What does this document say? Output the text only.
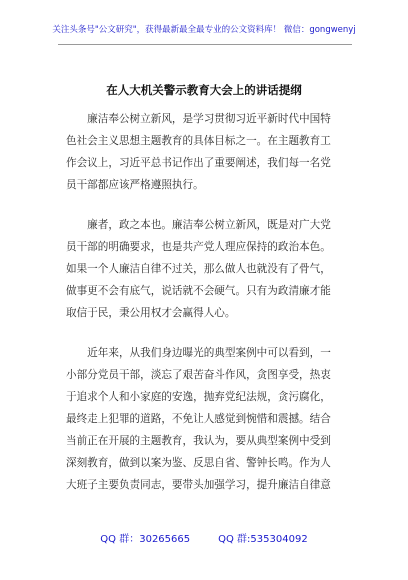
关注头条号"公文研究"，获得最新最全最专业的公文资料库！ 微信：gongwenyj
在人大机关警示教育大会上的讲话提纲
　　廉洁奉公树立新风，是学习贯彻习近平新时代中国特
色社会主义思想主题教育的具体目标之一。在主题教育工
作会议上，习近平总书记作出了重要阐述，我们每一名党
员干部都应该严格遵照执行。
　　廉者，政之本也。廉洁奉公树立新风，既是对广大党
员干部的明确要求，也是共产党人理应保持的政治本色。
如果一个人廉洁自律不过关，那么做人也就没有了骨气，
做事更不会有底气，说话就不会硬气。只有为政清廉才能
取信于民，秉公用权才会赢得人心。
　　近年来，从我们身边曝光的典型案例中可以看到，一
小部分党员干部，淡忘了艰苦奋斗作风，贪图享受，热衷
于追求个人和小家庭的安逸，抛弃党纪法规，贪污腐化，
最终走上犯罪的道路，不免让人感觉到惋惜和震撼。结合
当前正在开展的主题教育，我认为，要从典型案例中受到
深刻教育，做到以案为鉴、反思自省、警钟长鸣。作为人
大班子主要负责同志，要带头加强学习，提升廉洁自律意
QQ 群：30265665	QQ 群:535304092
